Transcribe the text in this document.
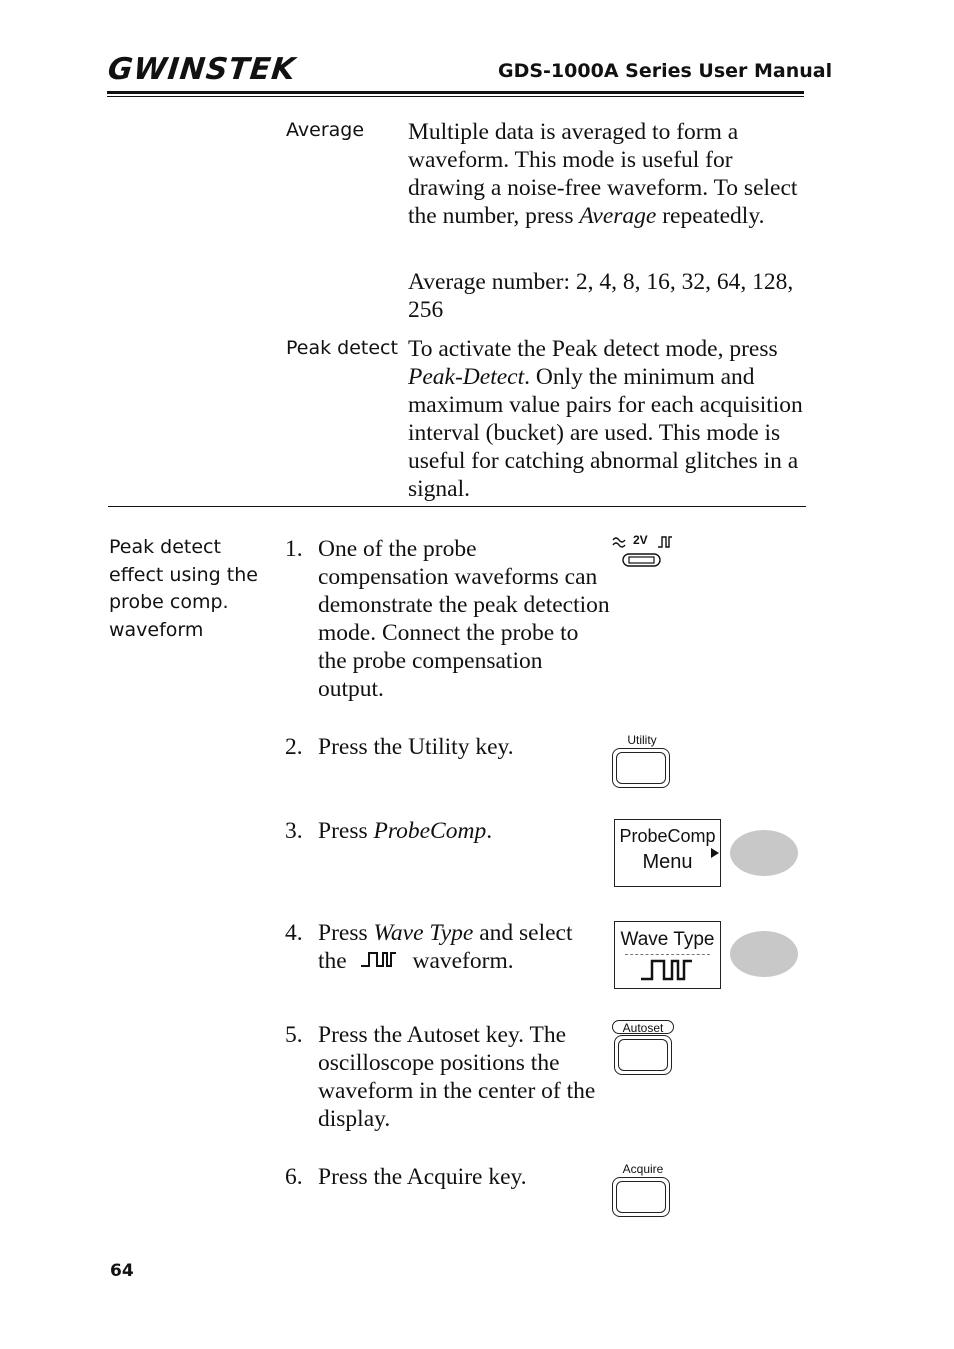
GWINSTEK	GDS-1000A Series User Manual
Average Multiple data is averaged to form a waveform. This mode is useful for drawing a noise-free waveform. To select the number, press Average repeatedly.

Average number: 2, 4, 8, 16, 32, 64, 128, 256
Peak detect To activate the Peak detect mode, press Peak-Detect. Only the minimum and maximum value pairs for each acquisition interval (bucket) are used. This mode is useful for catching abnormal glitches in a signal.

Peak detect effect using the probe comp. waveform
1. One of the probe compensation waveforms can demonstrate the peak detection mode. Connect the probe to the probe compensation output.
2. Press the Utility key.
3. Press ProbeComp.
4. Press Wave Type and select
the	waveform.
5. Press the Autoset key. The oscilloscope positions the waveform in the center of the display.
6. Press the Acquire key.
2V
Utility
ProbeComp
Menu
Wave Type
Autoset
Acquire
64
